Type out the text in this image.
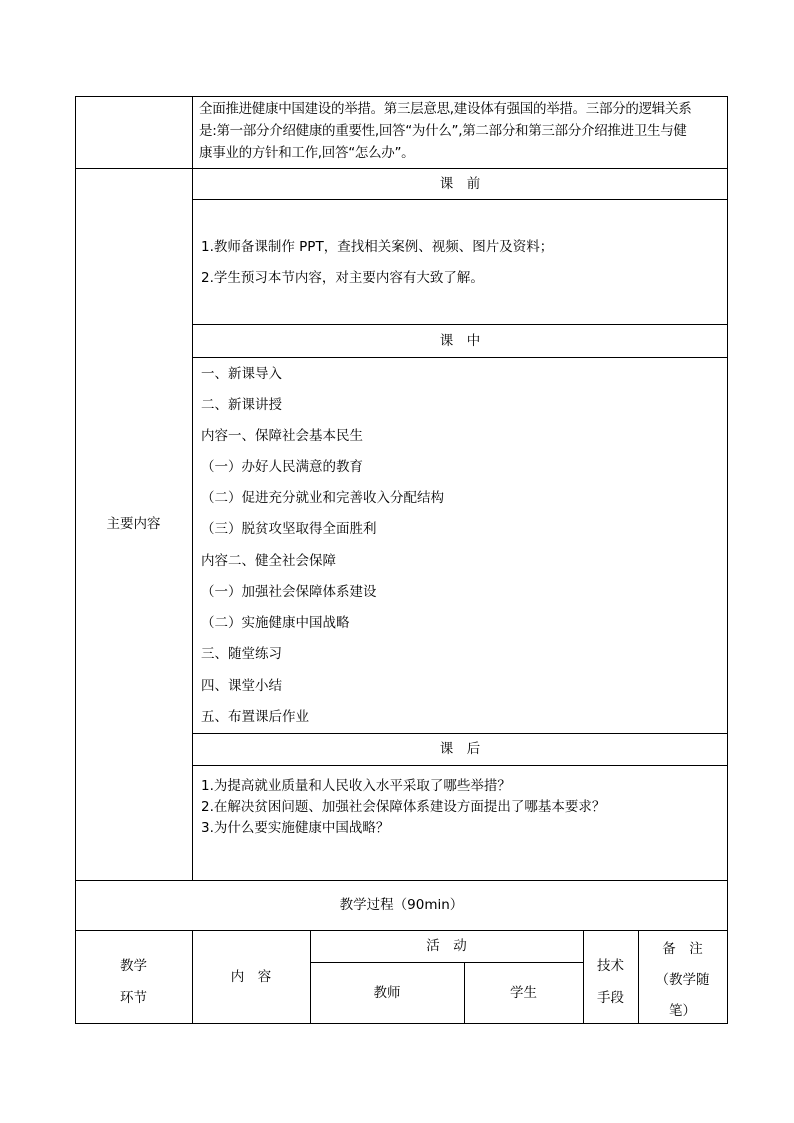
全面推进健康中国建设的举措。第三层意思,建设体有强国的举措。三部分的逻辑关系
是:第一部分介绍健康的重要性,回答“为什么”,第二部分和第三部分介绍推进卫生与健
康事业的方针和工作,回答“怎么办”。
主要内容
课　前
1.教师备课制作 PPT，查找相关案例、视频、图片及资料；
2.学生预习本节内容，对主要内容有大致了解。
课　中
一、新课导入
二、新课讲授
内容一、保障社会基本民生
（一）办好人民满意的教育
（二）促进充分就业和完善收入分配结构
（三）脱贫攻坚取得全面胜利
内容二、健全社会保障
（一）加强社会保障体系建设
（二）实施健康中国战略
三、随堂练习
四、课堂小结
五、布置课后作业
课　后
1.为提高就业质量和人民收入水平采取了哪些举措？
2.在解决贫困问题、加强社会保障体系建设方面提出了哪基本要求？
3.为什么要实施健康中国战略？
教学过程（90min）
教学
环节
内　容
活　动
教师	学生
技术
手段
备　注
（教学随
笔）
